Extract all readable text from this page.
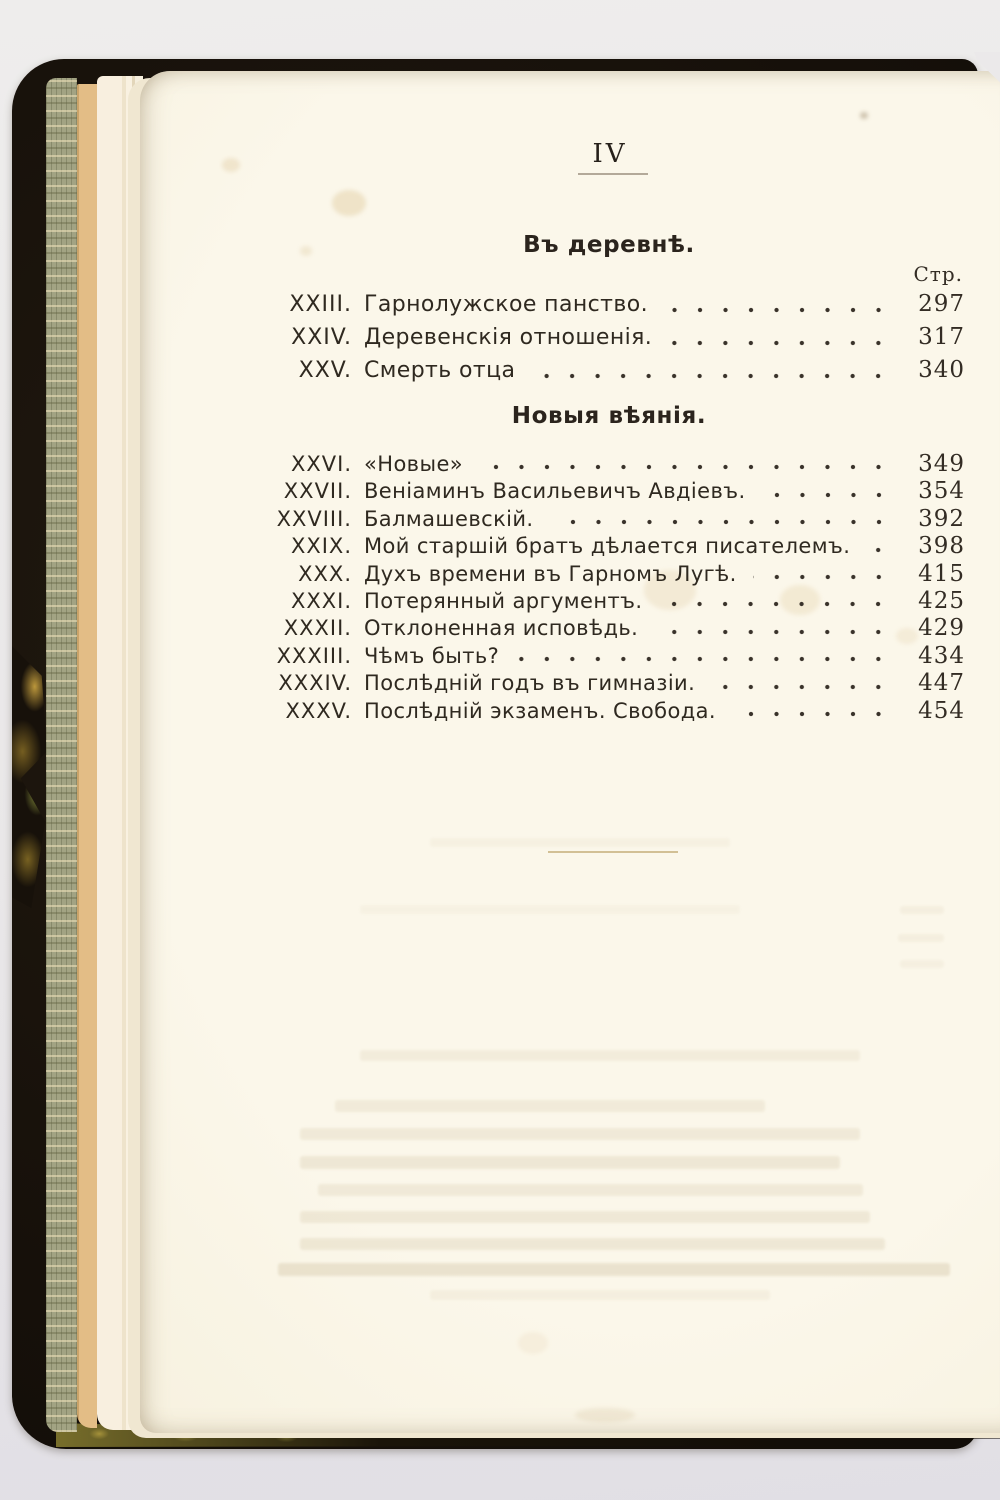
IV
Въ деревнѣ.
Стр.
XXIII. Гарнолужское панство.	297
XXIV. Деревенскія отношенія.	317
XXV. Смерть отца	340
Новыя вѣянія.
XXVI. «Новые»	349
XXVII. Веніаминъ Васильевичъ Авдіевъ.	354
XXVIII. Балмашевскій.	392
XXIX. Мой старшій братъ дѣлается писателемъ.	398
XXX. Духъ времени въ Гарномъ Лугѣ.	415
XXXI. Потерянный аргументъ.	425
XXXII. Отклоненная исповѣдь.	429
XXXIII. Чѣмъ быть?	434
XXXIV. Послѣдній годъ въ гимназіи.	447
XXXV. Послѣдній экзаменъ. Свобода.	454
